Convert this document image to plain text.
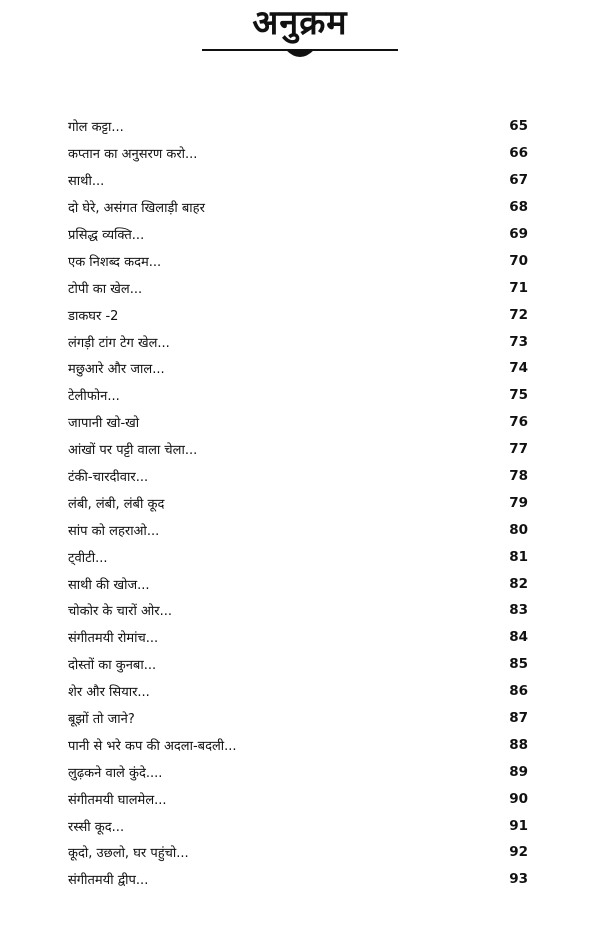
अनुक्रम
गोल कट्टा...	65
कप्तान का अनुसरण करो...	66
साथी...	67
दो घेरे, असंगत खिलाड़ी बाहर	68
प्रसिद्ध व्यक्ति...	69
एक निशब्द कदम...	70
टोपी का खेल...	71
डाकघर -2	72
लंगड़ी टांग टेग खेल...	73
मछुआरे और जाल...	74
टेलीफोन...	75
जापानी खो-खो	76
आंखों पर पट्टी वाला चेला...	77
टंकी-चारदीवार...	78
लंबी, लंबी, लंबी कूद	79
सांप को लहराओ...	80
ट्वीटी...	81
साथी की खोज...	82
चोकोर के चारों ओर...	83
संगीतमयी रोमांच...	84
दोस्तों का कुनबा...	85
शेर और सियार...	86
बूझों तो जाने?	87
पानी से भरे कप की अदला-बदली...	88
लुढ़कने वाले कुंदे....	89
संगीतमयी घालमेल...	90
रस्सी कूद...	91
कूदो, उछलो, घर पहुंचो...	92
संगीतमयी द्वीप...	93
